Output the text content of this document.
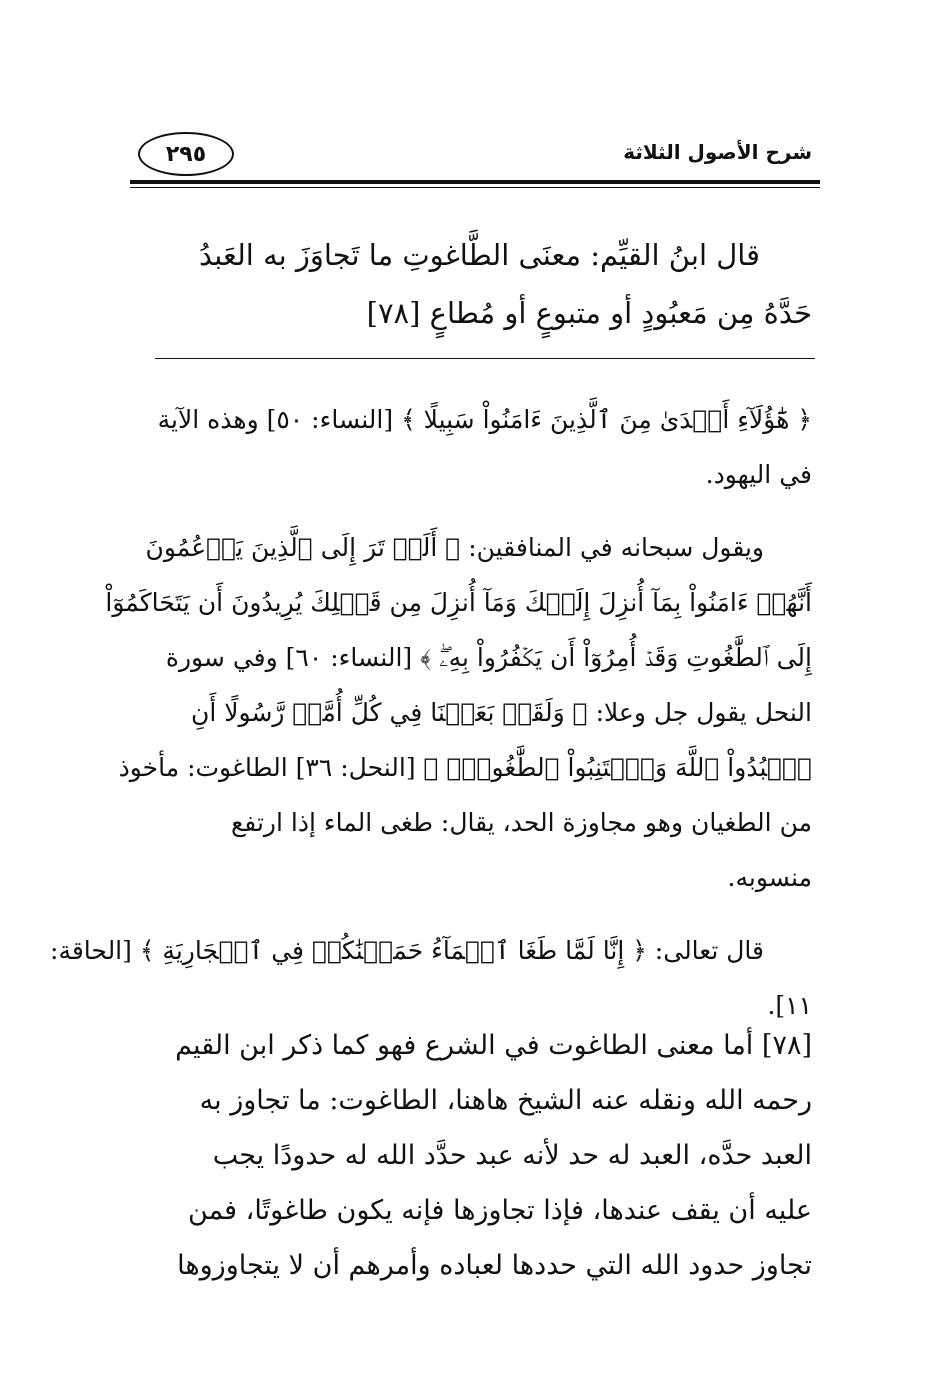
شرح الأصول الثلاثة
٢٩٥
قال ابنُ القيِّم: معنَى الطَّاغوتِ ما تَجاوَزَ به العَبدُ
حَدَّهُ مِن مَعبُودٍ أو متبوعٍ أو مُطاعٍ [٧٨]
﴿ هَٰٓؤُلَآءِ أَهۡدَىٰ مِنَ ٱلَّذِينَ ءَامَنُواْ سَبِيلًا ﴾ [النساء: ٥٠] وهذه الآية
في اليهود.
ويقول سبحانه في المنافقين: ﴿ أَلَمۡ تَرَ إِلَى ٱلَّذِينَ يَزۡعُمُونَ
أَنَّهُمۡ ءَامَنُواْ بِمَآ أُنزِلَ إِلَيۡكَ وَمَآ أُنزِلَ مِن قَبۡلِكَ يُرِيدُونَ أَن يَتَحَاكَمُوٓاْ
إِلَى ٱلطَّٰغُوتِ وَقَدۡ أُمِرُوٓاْ أَن يَكۡفُرُواْ بِهِۦۖ ﴾ [النساء: ٦٠] وفي سورة
النحل يقول جل وعلا: ﴿ وَلَقَدۡ بَعَثۡنَا فِي كُلِّ أُمَّةٖ رَّسُولًا أَنِ
ٱعۡبُدُواْ ٱللَّهَ وَٱجۡتَنِبُواْ ٱلطَّٰغُوتَۖ ﴾ [النحل: ٣٦] الطاغوت: مأخوذ
من الطغيان وهو مجاوزة الحد، يقال: طغى الماء إذا ارتفع
منسوبه.
قال تعالى: ﴿ إِنَّا لَمَّا طَغَا ٱلۡمَآءُ حَمَلۡنَٰكُمۡ فِي ٱلۡجَارِيَةِ ﴾ [الحاقة:
١١].
[٧٨] أما معنى الطاغوت في الشرع فهو كما ذكر ابن القيم
رحمه الله ونقله عنه الشيخ هاهنا، الطاغوت: ما تجاوز به
العبد حدَّه، العبد له حد لأنه عبد حدَّد الله له حدودًا يجب
عليه أن يقف عندها، فإذا تجاوزها فإنه يكون طاغوتًا، فمن
تجاوز حدود الله التي حددها لعباده وأمرهم أن لا يتجاوزوها
